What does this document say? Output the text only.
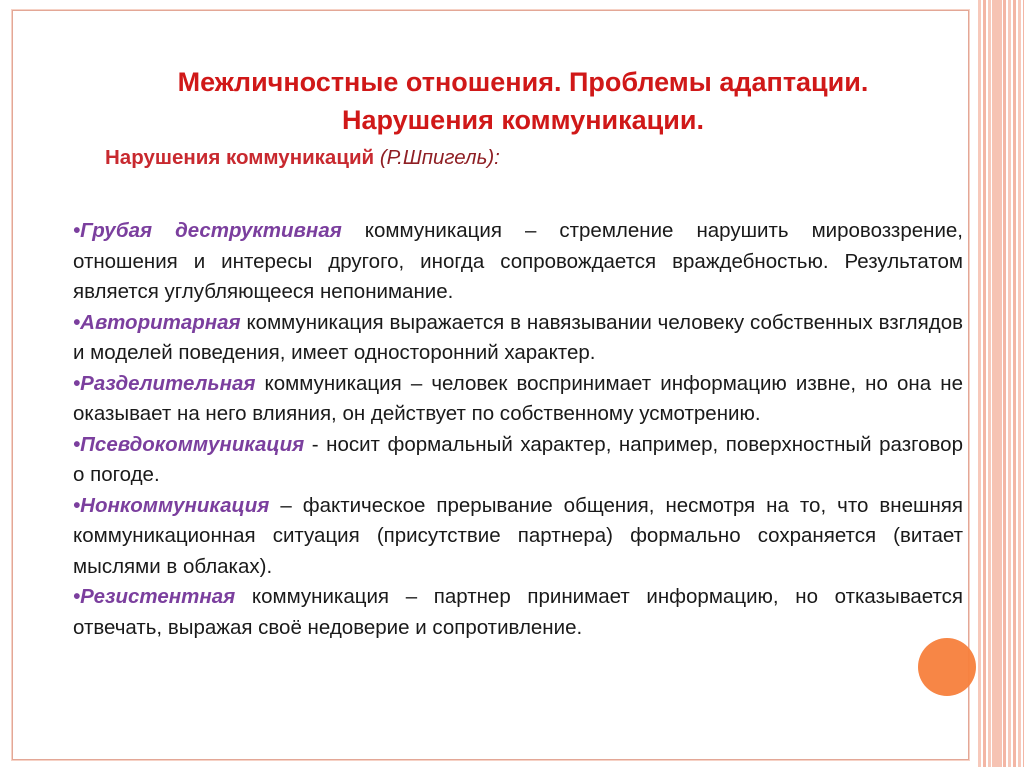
Межличностные отношения. Проблемы адаптации. Нарушения коммуникации.

Нарушения коммуникаций (Р.Шпигель):

•Грубая деструктивная коммуникация – стремление нарушить мировоззрение, отношения и интересы другого, иногда сопровождается враждебностью. Результатом является углубляющееся непонимание.

•Авторитарная коммуникация выражается в навязывании человеку собственных взглядов и моделей поведения, имеет односторонний характер.

•Разделительная коммуникация – человек воспринимает информацию извне, но она не оказывает на него влияния, он действует по собственному усмотрению.

•Псевдокоммуникация - носит формальный характер, например, поверхностный разговор о погоде.

•Нонкоммуникация – фактическое прерывание общения, несмотря на то, что внешняя коммуникационная ситуация (присутствие партнера) формально сохраняется (витает мыслями в облаках).

•Резистентная коммуникация – партнер принимает информацию, но отказывается отвечать, выражая своё недоверие и сопротивление.
